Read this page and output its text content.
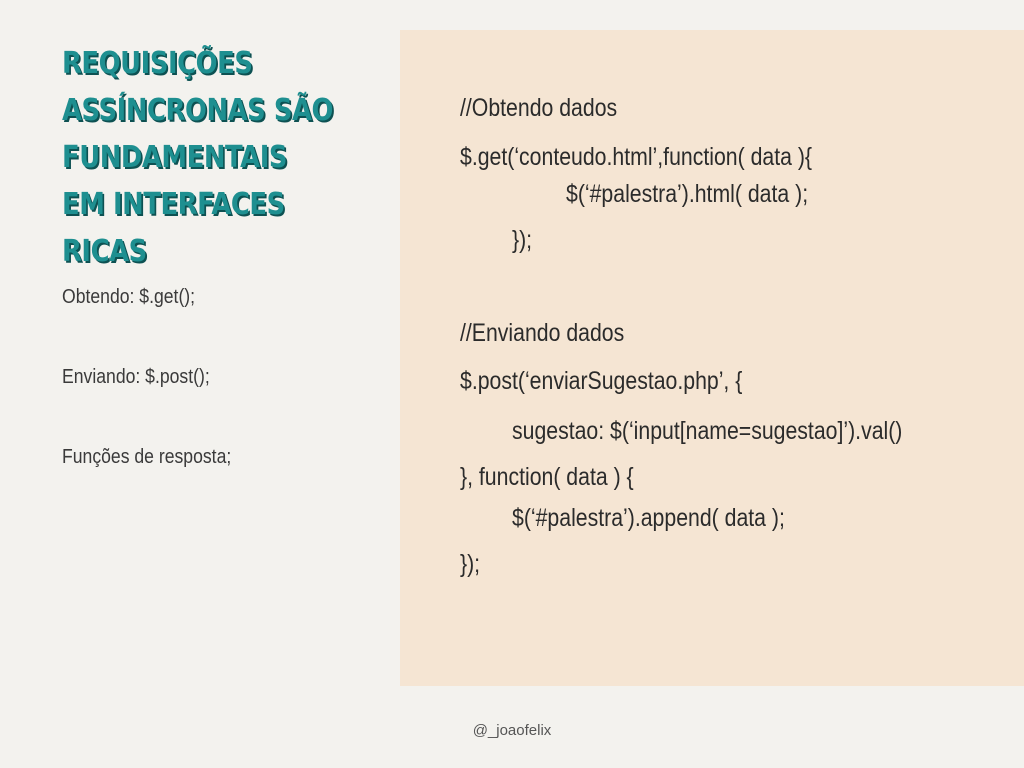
REQUISIÇÕES
ASSÍNCRONAS SÃO
FUNDAMENTAIS
EM INTERFACES
RICAS
Obtendo: $.get();
Enviando: $.post();
Funções de resposta;
//Obtendo dados
$.get(‘conteudo.html’,function( data ){
$(‘#palestra’).html( data );
});
//Enviando dados
$.post(‘enviarSugestao.php’, {
sugestao: $(‘input[name=sugestao]’).val()
}, function( data ) {
$(‘#palestra’).append( data );
});
@_joaofelix
